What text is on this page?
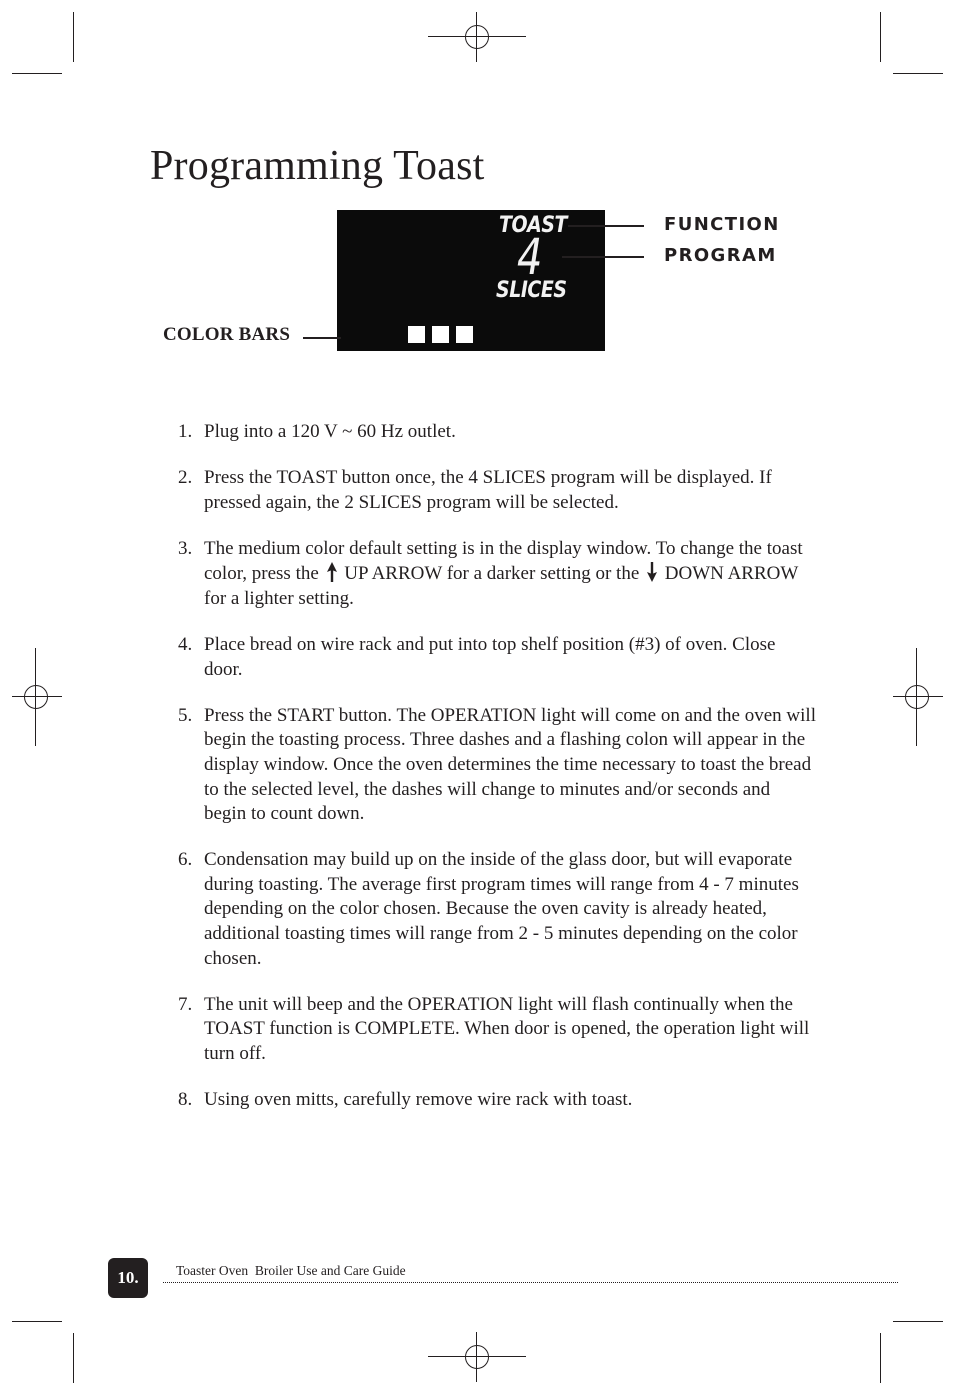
Programming Toast
TOAST
4
SLICES
FUNCTION
PROGRAM
COLOR BARS
1. Plug into a 120 V ~ 60 Hz outlet.
2. Press the TOAST button once, the 4 SLICES program will be displayed. If pressed again, the 2 SLICES program will be selected.
3. The medium color default setting is in the display window. To change the toast color, press the UP ARROW for a darker setting or the DOWN ARROW for a lighter setting.
4. Place bread on wire rack and put into top shelf position (#3) of oven. Close door.
5. Press the START button. The OPERATION light will come on and the oven will begin the toasting process. Three dashes and a flashing colon will appear in the display window. Once the oven determines the time necessary to toast the bread to the selected level, the dashes will change to minutes and/or seconds and begin to count down.
6. Condensation may build up on the inside of the glass door, but will evaporate during toasting. The average first program times will range from 4 - 7 minutes depending on the color chosen. Because the oven cavity is already heated, additional toasting times will range from 2 - 5 minutes depending on the color chosen.
7. The unit will beep and the OPERATION light will flash continually when the TOAST function is COMPLETE. When door is opened, the operation light will turn off.
8. Using oven mitts, carefully remove wire rack with toast.
10.	Toaster Oven  Broiler Use and Care Guide
